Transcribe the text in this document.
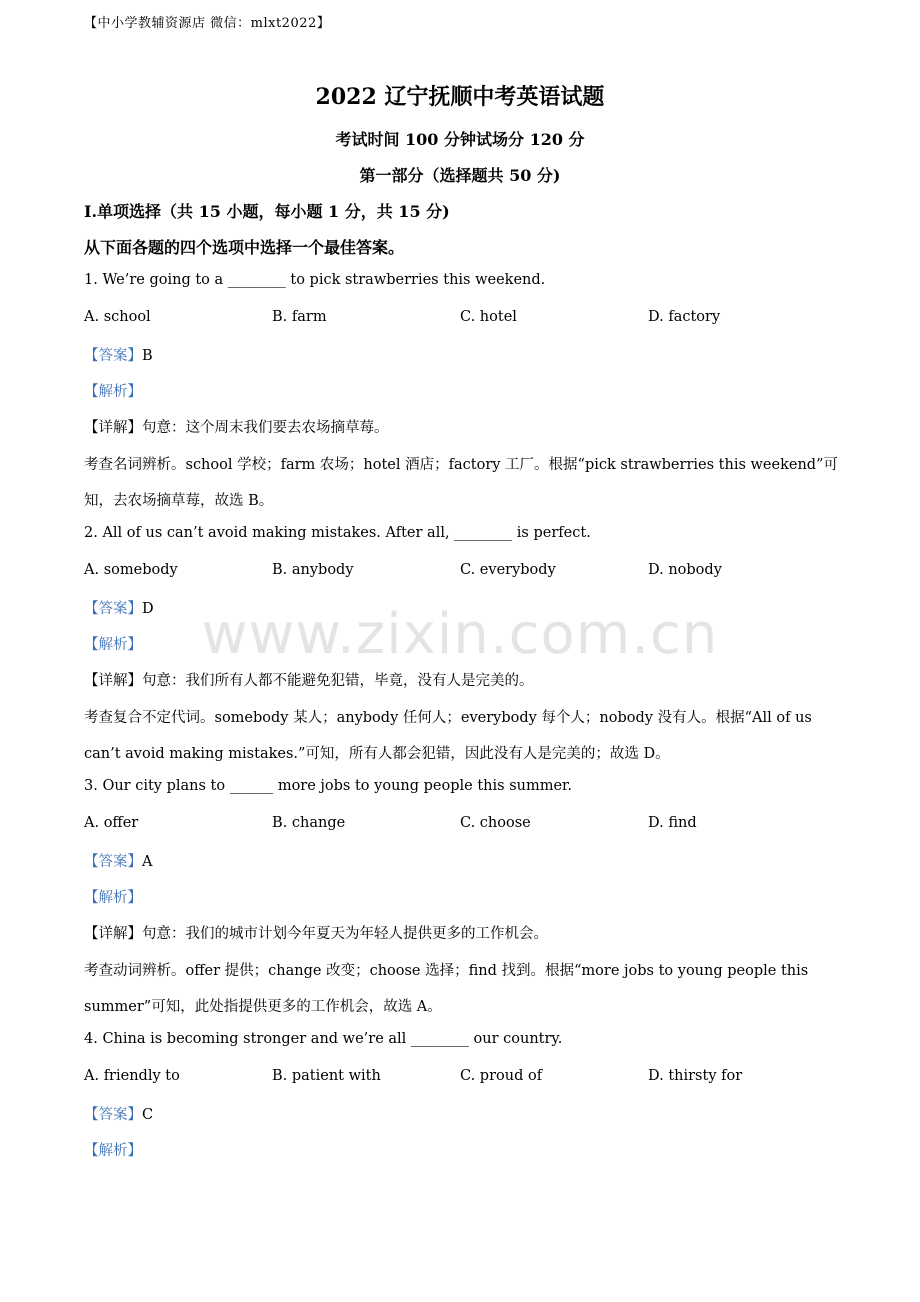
【中小学教辅资源店 微信：mlxt2022】
2022 辽宁抚顺中考英语试题
考试时间 100 分钟试场分 120 分
第一部分（选择题共 50 分)
I.单项选择（共 15 小题，每小题 1 分，共 15 分)
从下面各题的四个选项中选择一个最佳答案。
1. We’re going to a ________ to pick strawberries this weekend.
A. school	B. farm	C. hotel	D. factory
【答案】B
【解析】
【详解】句意：这个周末我们要去农场摘草莓。
考查名词辨析。school 学校；farm 农场；hotel 酒店；factory 工厂。根据“pick strawberries this weekend”可
知，去农场摘草莓，故选 B。
2. All of us can’t avoid making mistakes. After all, ________ is perfect.
A. somebody	B. anybody	C. everybody	D. nobody
【答案】D
【解析】
【详解】句意：我们所有人都不能避免犯错，毕竟，没有人是完美的。
考查复合不定代词。somebody 某人；anybody 任何人；everybody 每个人；nobody 没有人。根据“All of us
can’t avoid making mistakes.”可知，所有人都会犯错，因此没有人是完美的；故选 D。
3. Our city plans to ______ more jobs to young people this summer.
A. offer	B. change	C. choose	D. find
【答案】A
【解析】
【详解】句意：我们的城市计划今年夏天为年轻人提供更多的工作机会。
考查动词辨析。offer 提供；change 改变；choose 选择；find 找到。根据“more jobs to young people this
summer”可知，此处指提供更多的工作机会，故选 A。
4. China is becoming stronger and we’re all ________ our country.
A. friendly to	B. patient with	C. proud of	D. thirsty for
【答案】C
【解析】
www.zixin.com.cn
